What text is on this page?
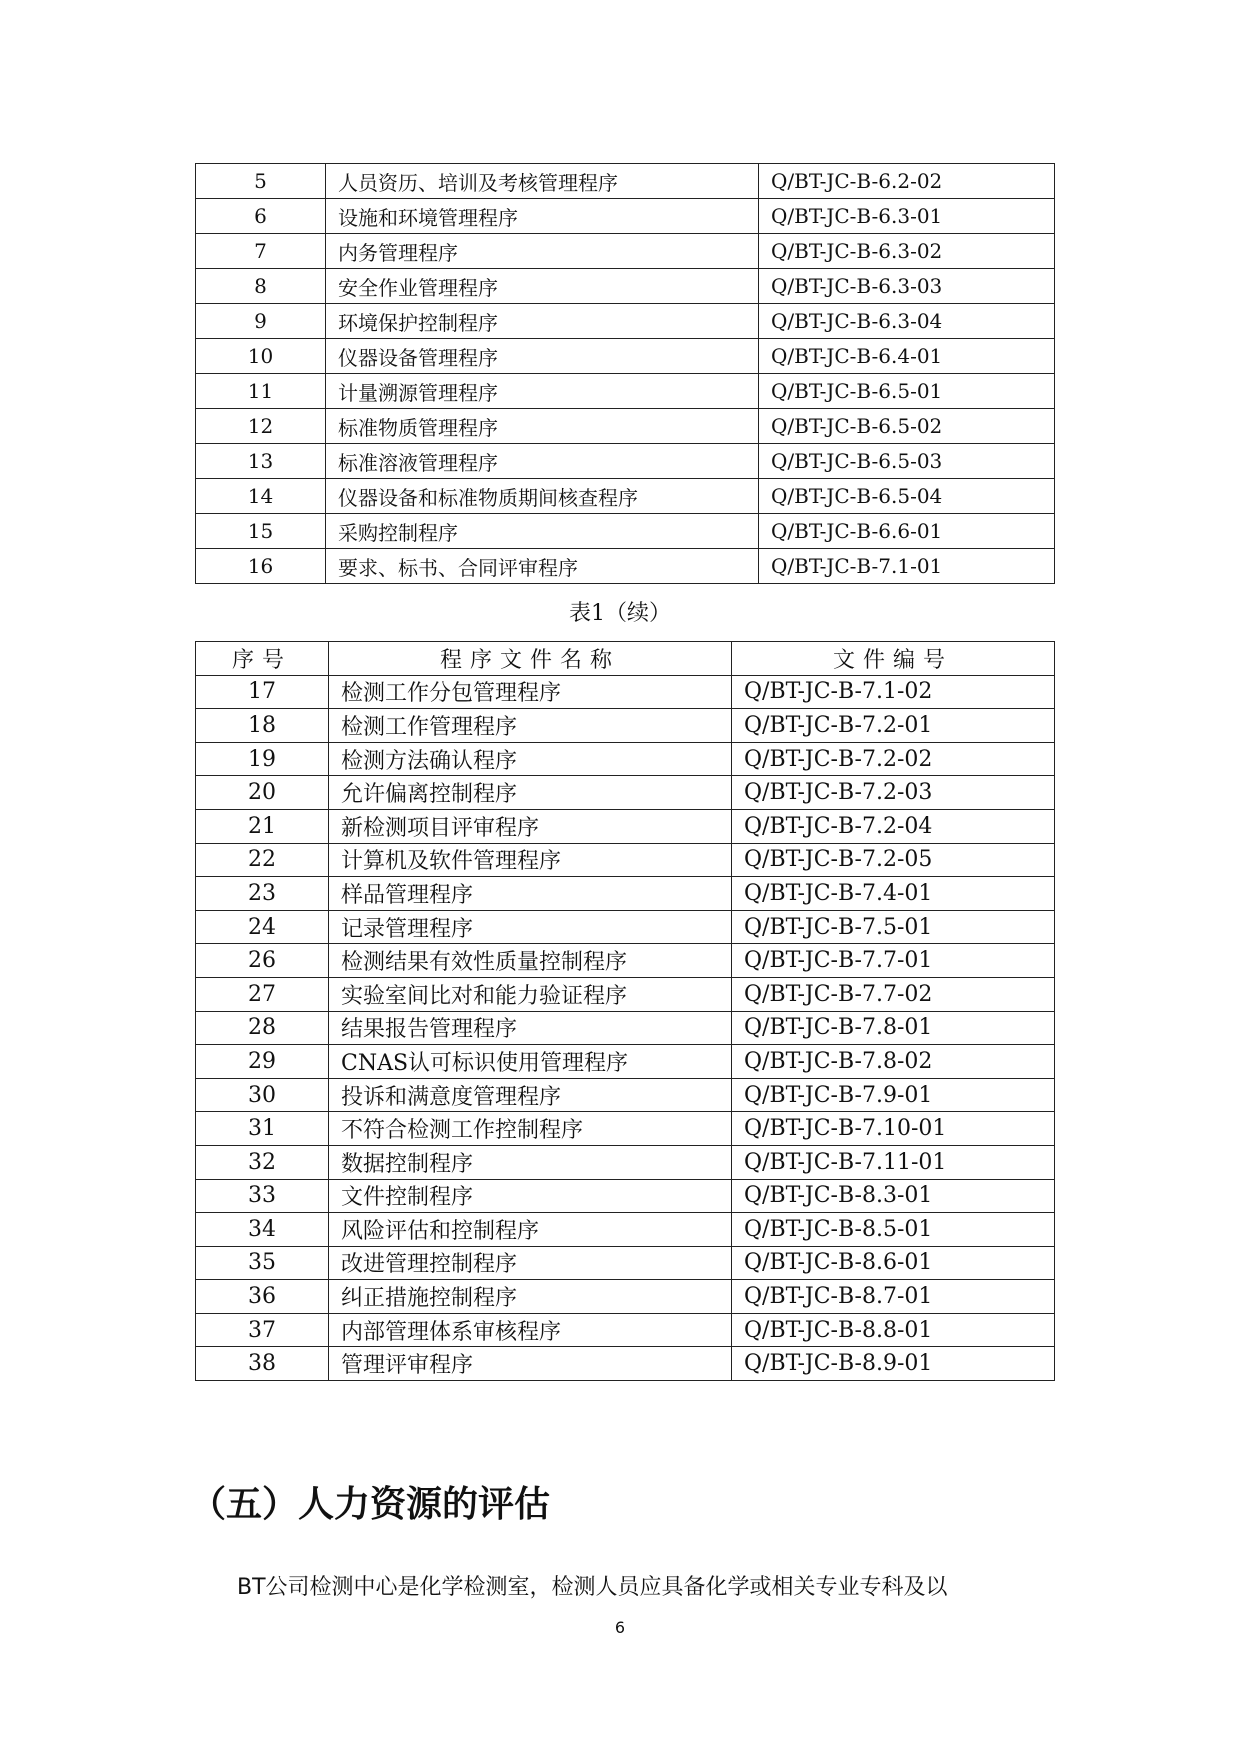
5	人员资历、培训及考核管理程序	Q/BT-JC-B-6.2-02
6	设施和环境管理程序	Q/BT-JC-B-6.3-01
7	内务管理程序	Q/BT-JC-B-6.3-02
8	安全作业管理程序	Q/BT-JC-B-6.3-03
9	环境保护控制程序	Q/BT-JC-B-6.3-04
10	仪器设备管理程序	Q/BT-JC-B-6.4-01
11	计量溯源管理程序	Q/BT-JC-B-6.5-01
12	标准物质管理程序	Q/BT-JC-B-6.5-02
13	标准溶液管理程序	Q/BT-JC-B-6.5-03
14	仪器设备和标准物质期间核查程序	Q/BT-JC-B-6.5-04
15	采购控制程序	Q/BT-JC-B-6.6-01
16	要求、标书、合同评审程序	Q/BT-JC-B-7.1-01
表1（续）
序号	程序文件名称	文件编号
17	检测工作分包管理程序	Q/BT-JC-B-7.1-02
18	检测工作管理程序	Q/BT-JC-B-7.2-01
19	检测方法确认程序	Q/BT-JC-B-7.2-02
20	允许偏离控制程序	Q/BT-JC-B-7.2-03
21	新检测项目评审程序	Q/BT-JC-B-7.2-04
22	计算机及软件管理程序	Q/BT-JC-B-7.2-05
23	样品管理程序	Q/BT-JC-B-7.4-01
24	记录管理程序	Q/BT-JC-B-7.5-01
26	检测结果有效性质量控制程序	Q/BT-JC-B-7.7-01
27	实验室间比对和能力验证程序	Q/BT-JC-B-7.7-02
28	结果报告管理程序	Q/BT-JC-B-7.8-01
29	CNAS认可标识使用管理程序	Q/BT-JC-B-7.8-02
30	投诉和满意度管理程序	Q/BT-JC-B-7.9-01
31	不符合检测工作控制程序	Q/BT-JC-B-7.10-01
32	数据控制程序	Q/BT-JC-B-7.11-01
33	文件控制程序	Q/BT-JC-B-8.3-01
34	风险评估和控制程序	Q/BT-JC-B-8.5-01
35	改进管理控制程序	Q/BT-JC-B-8.6-01
36	纠正措施控制程序	Q/BT-JC-B-8.7-01
37	内部管理体系审核程序	Q/BT-JC-B-8.8-01
38	管理评审程序	Q/BT-JC-B-8.9-01
（五）人力资源的评估
BT公司检测中心是化学检测室，检测人员应具备化学或相关专业专科及以
6
